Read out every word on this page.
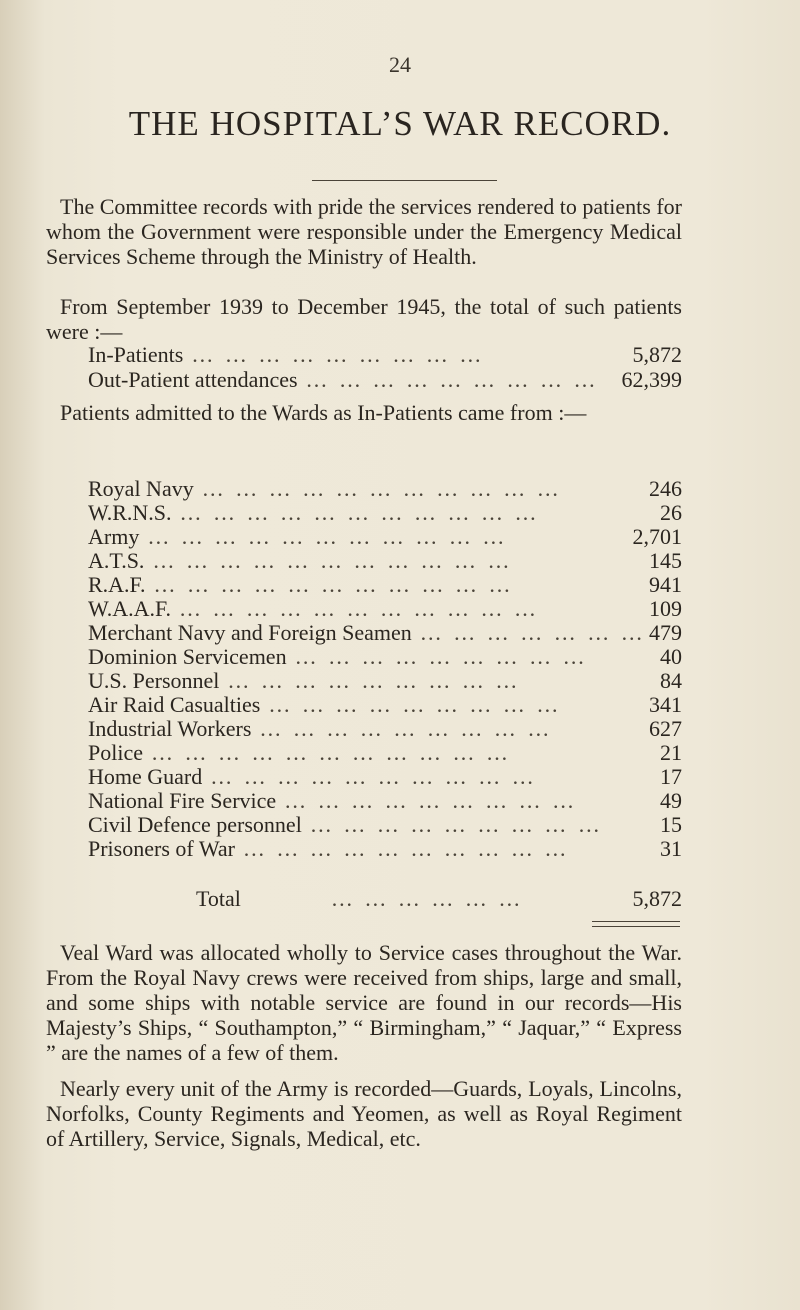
24
THE HOSPITAL’S WAR RECORD.

The Committee records with pride the services rendered to patients for whom the Government were responsible under the Emergency Medical Services Scheme through the Ministry of Health.

From September 1939 to December 1945, the total of such patients were :—

In-Patients … … … … … … … … …	5,872
Out-Patient attendances … … … … … … … … …	62,399

Patients admitted to the Wards as In-Patients came from :—

Royal Navy … … … … … … … … … … …	246
W.R.N.S. … … … … … … … … … … …	26
Army … … … … … … … … … … …	2,701
A.T.S. … … … … … … … … … … …	145
R.A.F. … … … … … … … … … … …	941
W.A.A.F. … … … … … … … … … … …	109
Merchant Navy and Foreign Seamen … … … … … … … 479
Dominion Servicemen … … … … … … … … …	40
U.S. Personnel … … … … … … … … …	84
Air Raid Casualties … … … … … … … … …	341
Industrial Workers … … … … … … … … …	627
Police … … … … … … … … … … …	21
Home Guard … … … … … … … … … …	17
National Fire Service … … … … … … … … …	49
Civil Defence personnel … … … … … … … … …	15
Prisoners of War … … … … … … … … … …	31
Total	… … … … … …	5,872

Veal Ward was allocated wholly to Service cases throughout the War. From the Royal Navy crews were received from ships, large and small, and some ships with notable service are found in our records—His Majesty’s Ships, “ Southampton,” “ Birmingham,” “ Jaquar,” “ Express ” are the names of a few of them.

Nearly every unit of the Army is recorded—Guards, Loyals, Lincolns, Norfolks, County Regiments and Yeomen, as well as Royal Regiment of Artillery, Service, Signals, Medical, etc.
